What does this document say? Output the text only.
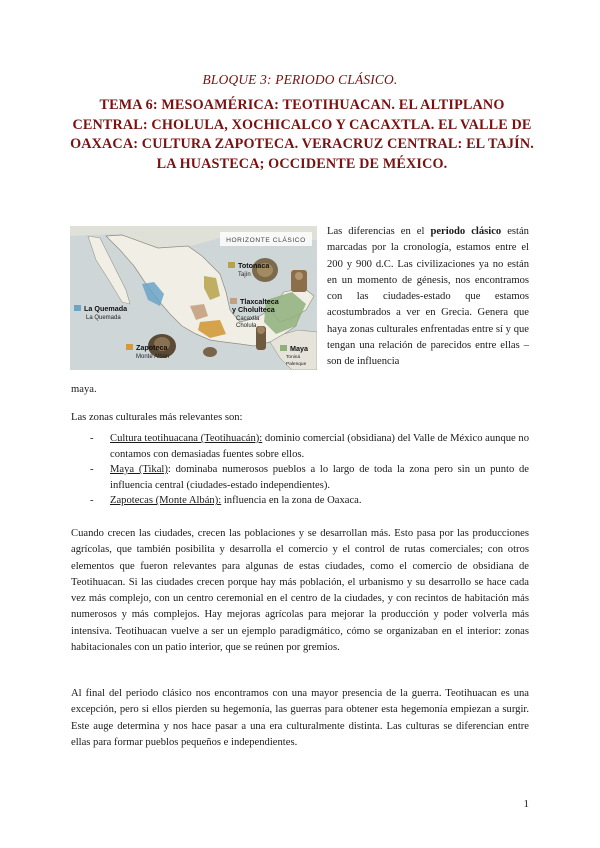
BLOQUE 3: PERIODO CLÁSICO.
TEMA 6: MESOAMÉRICA: TEOTIHUACAN. EL ALTIPLANO CENTRAL: CHOLULA, XOCHICALCO Y CACAXTLA. EL VALLE DE OAXACA: CULTURA ZAPOTECA. VERACRUZ CENTRAL: EL TAJÍN. LA HUASTECA; OCCIDENTE DE MÉXICO.
HORIZONTE CLÁSICO
Totonaca
Tajín
Tlaxcalteca
y Cholulteca
Cacaxtla
Cholula
La Quemada
La Quemada
Zapoteca
Monte Albán
Maya
Toniná
Palenque
Las diferencias en el periodo clásico están marcadas por la cronología, estamos entre el 200 y 900 d.C. Las civilizaciones ya no están en un momento de génesis, nos encontramos con las ciudades-estado que estamos acostumbrados a ver en Grecia. Genera que haya zonas culturales enfrentadas entre sí y que tengan una relación de parecidos entre ellas – son de influencia
maya.
Las zonas culturales más relevantes son:
- Cultura teotihuacana (Teotihuacán): dominio comercial (obsidiana) del Valle de México aunque no contamos con demasiadas fuentes sobre ellos.
- Maya (Tikal): dominaba numerosos pueblos a lo largo de toda la zona pero sin un punto de influencia central (ciudades-estado independientes).
- Zapotecas (Monte Albán): influencia en la zona de Oaxaca.

Cuando crecen las ciudades, crecen las poblaciones y se desarrollan más. Esto pasa por las producciones agrícolas, que también posibilita y desarrolla el comercio y el control de rutas comerciales; con otros elementos que fueron relevantes para algunas de estas ciudades, como el comercio de obsidiana de Teotihuacan. Si las ciudades crecen porque hay más población, el urbanismo y su desarrollo se hace cada vez más complejo, con un centro ceremonial en el centro de la ciudades, y con recintos de habitación más numerosos y más complejos. Hay mejoras agrícolas para mejorar la producción y poder volverla más intensiva. Teotihuacan vuelve a ser un ejemplo paradigmático, cómo se organizaban en el interior: zonas habitacionales con un patio interior, que se reúnen por gremios.

Al final del periodo clásico nos encontramos con una mayor presencia de la guerra. Teotihuacan es una excepción, pero si ellos pierden su hegemonía, las guerras para obtener esta hegemonía empiezan a surgir. Este auge determina y nos hace pasar a una era culturalmente distinta. Las culturas se diferencian entre ellas para formar pueblos pequeños e independientes.

1
